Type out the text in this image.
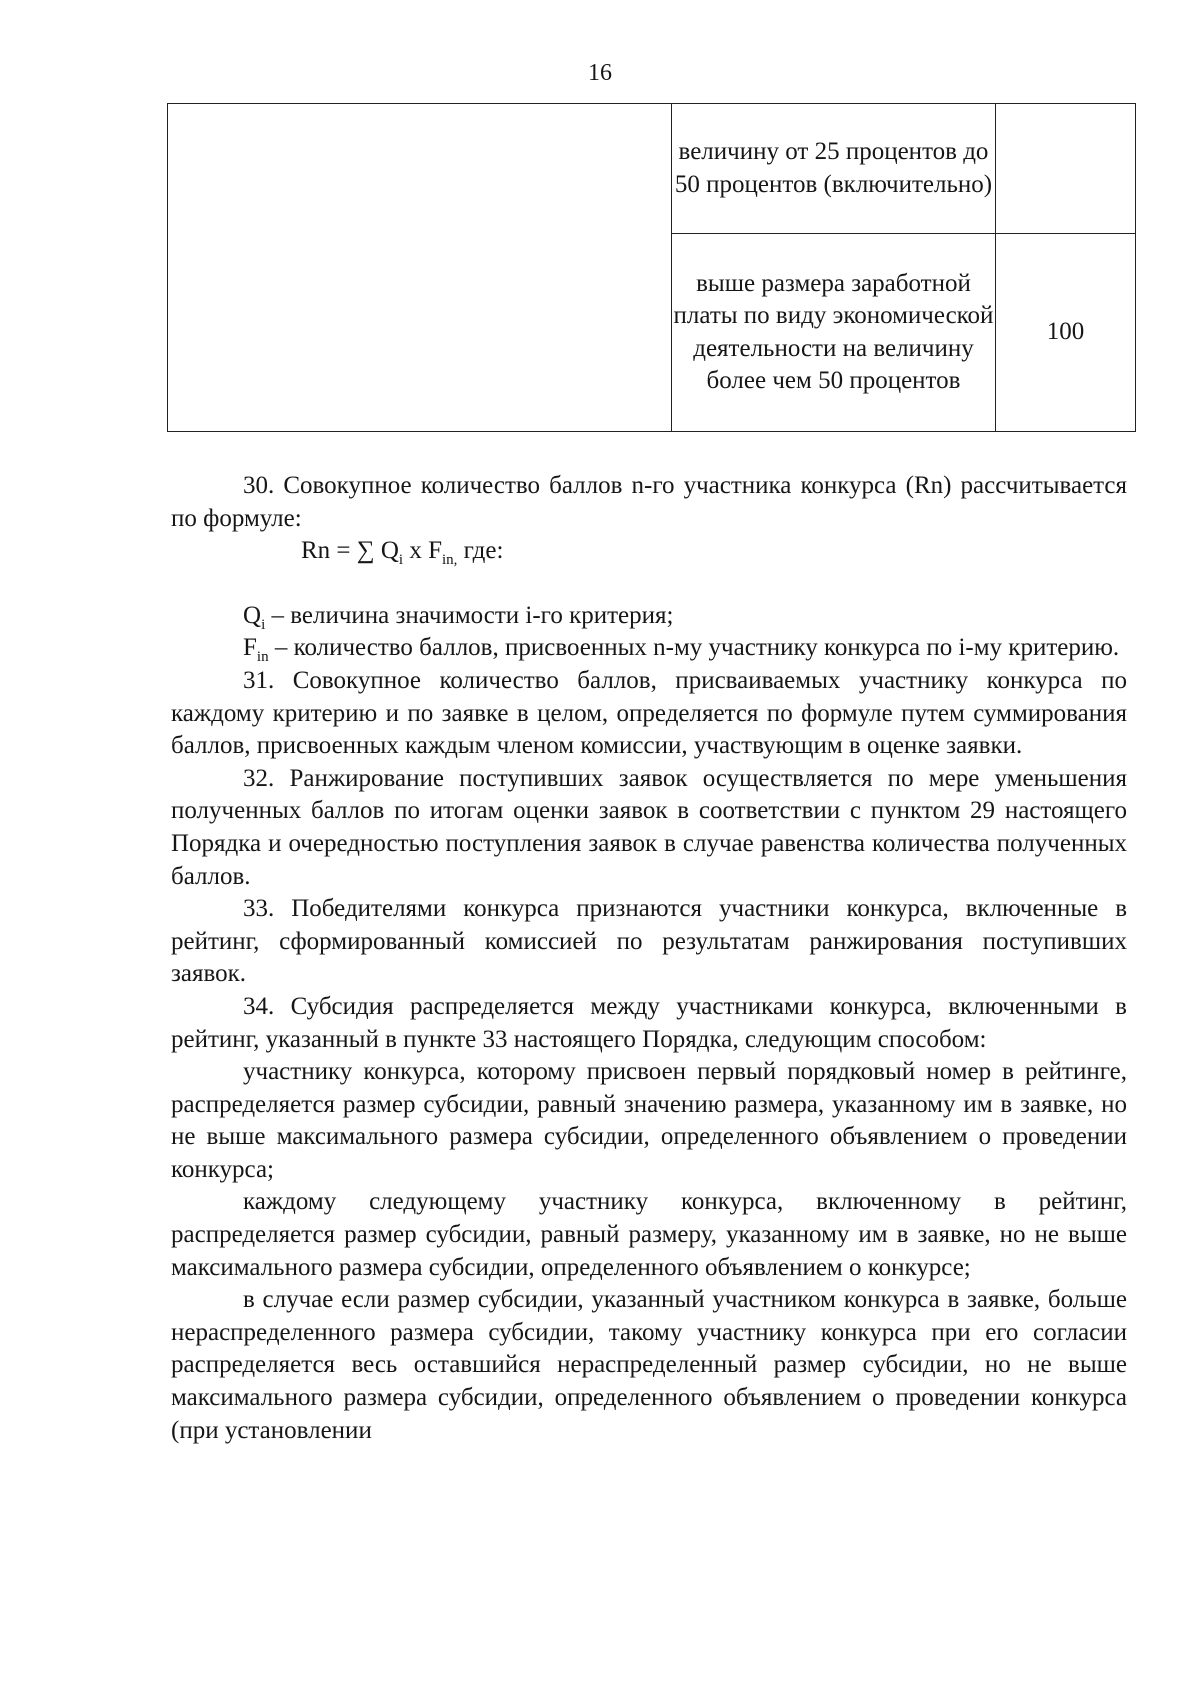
16

	величину от 25 процентов до 50 процентов (включительно)	

	выше размера заработной платы по виду экономической деятельности на величину более чем 50 процентов	100

30. Совокупное количество баллов n-го участника конкурса (Rn) рассчитывается по формуле:

Rn = ∑ $Q_i$ x $F_{in,}$ где:

$Q_i$ – величина значимости i-го критерия;

$F_{in}$ – количество баллов, присвоенных n-му участнику конкурса по i-му критерию.

31. Совокупное количество баллов, присваиваемых участнику конкурса по каждому критерию и по заявке в целом, определяется по формуле путем суммирования баллов, присвоенных каждым членом комиссии, участвующим в оценке заявки.

32. Ранжирование поступивших заявок осуществляется по мере уменьшения полученных баллов по итогам оценки заявок в соответствии с пунктом 29 настоящего Порядка и очередностью поступления заявок в случае равенства количества полученных баллов.

33. Победителями конкурса признаются участники конкурса, включенные в рейтинг, сформированный комиссией по результатам ранжирования поступивших заявок.

34. Субсидия распределяется между участниками конкурса, включенными в рейтинг, указанный в пункте 33 настоящего Порядка, следующим способом:

участнику конкурса, которому присвоен первый порядковый номер в рейтинге, распределяется размер субсидии, равный значению размера, указанному им в заявке, но не выше максимального размера субсидии, определенного объявлением о проведении конкурса;

каждому следующему участнику конкурса, включенному в рейтинг, распределяется размер субсидии, равный размеру, указанному им в заявке, но не выше максимального размера субсидии, определенного объявлением о конкурсе;

в случае если размер субсидии, указанный участником конкурса в заявке, больше нераспределенного размера субсидии, такому участнику конкурса при его согласии распределяется весь оставшийся нераспределенный размер субсидии, но не выше максимального размера субсидии, определенного объявлением о проведении конкурса (при установлении
